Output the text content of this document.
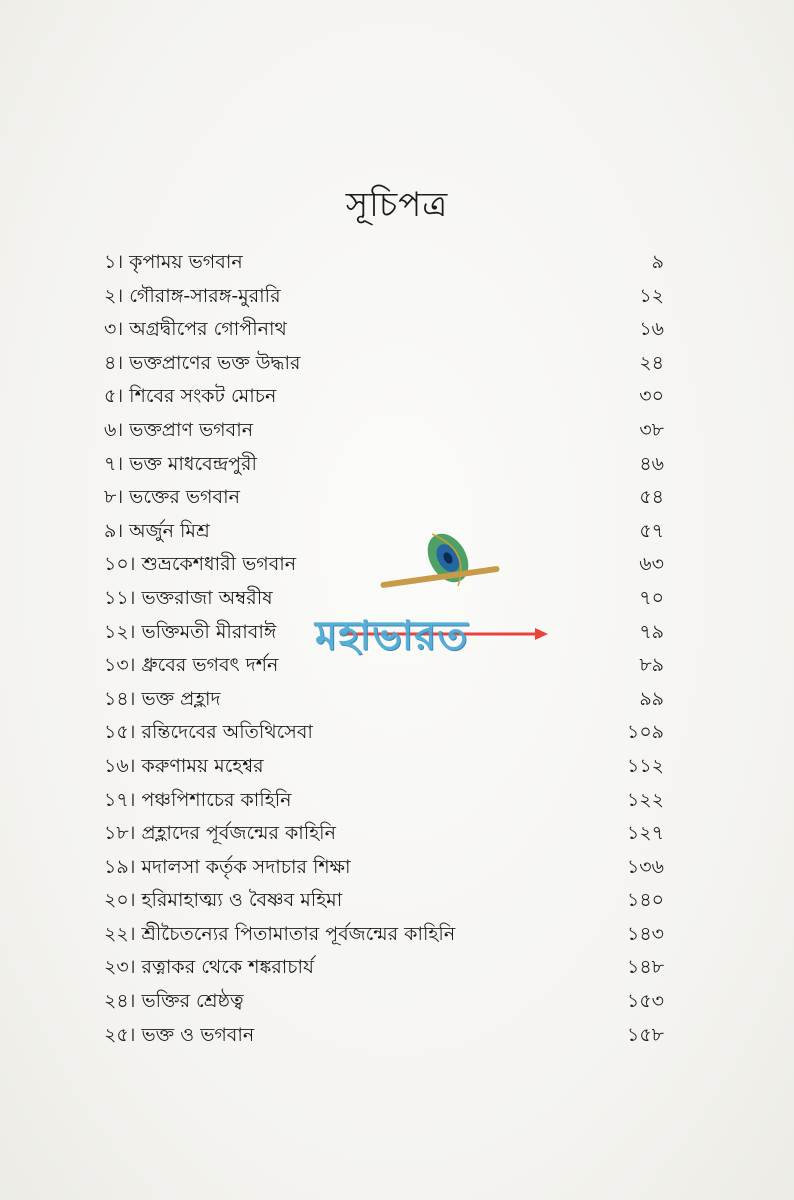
সূচিপত্র
১। কৃপাময় ভগবান	৯
২। গৌরাঙ্গ-সারঙ্গ-মুরারি	১২
৩। অগ্রদ্বীপের গোপীনাথ	১৬
৪। ভক্তপ্রাণের ভক্ত উদ্ধার	২৪
৫। শিবের সংকট মোচন	৩০
৬। ভক্তপ্রাণ ভগবান	৩৮
৭। ভক্ত মাধবেন্দ্রপুরী	৪৬
৮। ভক্তের ভগবান	৫৪
৯। অর্জুন মিশ্র	৫৭
১০। শুভ্রকেশধারী ভগবান	৬৩
১১। ভক্তরাজা অম্বরীষ	৭০
১২। ভক্তিমতী মীরাবাঈ	৭৯
১৩। ধ্রুবের ভগবৎ দর্শন	৮৯
১৪। ভক্ত প্রহ্লাদ	৯৯
১৫। রন্তিদেবের অতিথিসেবা	১০৯
১৬। করুণাময় মহেশ্বর	১১২
১৭। পঞ্চপিশাচের কাহিনি	১২২
১৮। প্রহ্লাদের পূর্বজন্মের কাহিনি	১২৭
১৯। মদালসা কর্তৃক সদাচার শিক্ষা	১৩৬
২০। হরিমাহাত্ম্য ও বৈষ্ণব মহিমা	১৪০
২২। শ্রীচৈতন্যের পিতামাতার পূর্বজন্মের কাহিনি	১৪৩
২৩। রত্নাকর থেকে শঙ্করাচার্য	১৪৮
২৪। ভক্তির শ্রেষ্ঠত্ব	১৫৩
২৫। ভক্ত ও ভগবান	১৫৮
মহাভারত
